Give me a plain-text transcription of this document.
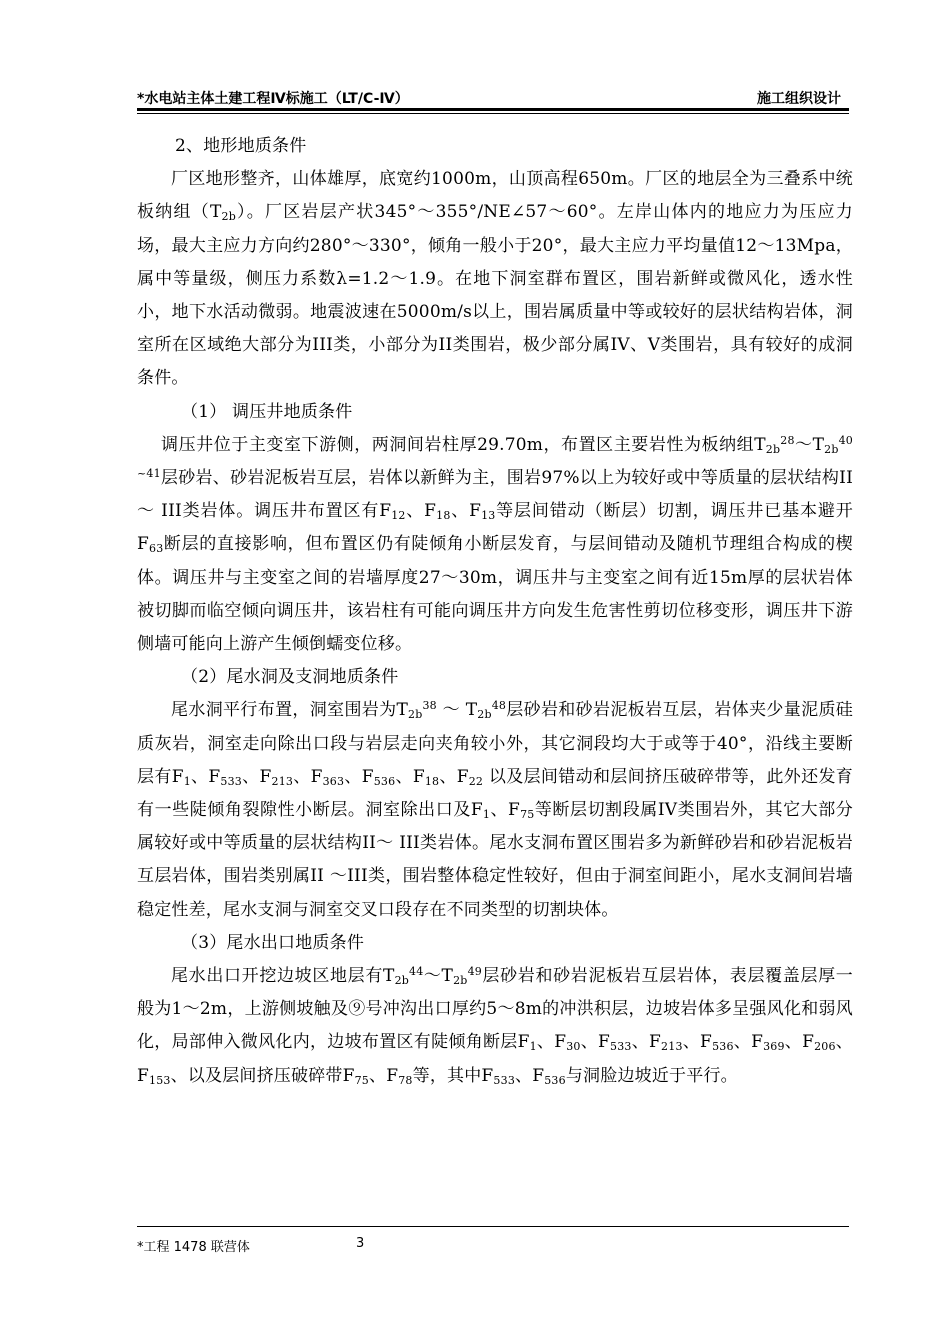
*水电站主体土建工程Ⅳ标施工（LT/C-Ⅳ）	施工组织设计

2、地形地质条件

厂区地形整齐，山体雄厚，底宽约1000m，山顶高程650m。厂区的地层全为三叠系中统板纳组$(T_{2b})$。厂区岩层产状345°～355°/NE∠57～60°。左岸山体内的地应力为压应力场，最大主应力方向约280°～330°，倾角一般小于20°，最大主应力平均量值12～13Mpa，属中等量级，侧压力系数λ=1.2～1.9。在地下洞室群布置区，围岩新鲜或微风化，透水性小，地下水活动微弱。地震波速在5000m/s以上，围岩属质量中等或较好的层状结构岩体，洞室所在区域绝大部分为III类，小部分为II类围岩，极少部分属IV、V类围岩，具有较好的成洞条件。

（1） 调压井地质条件

调压井位于主变室下游侧，两洞间岩柱厚29.70m，布置区主要岩性为板纳组$T_{2b}^{28}\sim T_{2b}^{40 \sim 41}$层砂岩、砂岩泥板岩互层，岩体以新鲜为主，围岩97%以上为较好或中等质量的层状结构II ～ III类岩体。调压井布置区有$F_{12}$、$F_{18}$、$F_{13}$等层间错动（断层）切割，调压井已基本避开$F_{63}$断层的直接影响，但布置区仍有陡倾角小断层发育，与层间错动及随机节理组合构成的楔体。调压井与主变室之间的岩墙厚度27～30m，调压井与主变室之间有近15m厚的层状岩体被切脚而临空倾向调压井，该岩柱有可能向调压井方向发生危害性剪切位移变形，调压井下游侧墙可能向上游产生倾倒蠕变位移。

（2）尾水洞及支洞地质条件

尾水洞平行布置，洞室围岩为$T_{2b}^{38}$ ～ $T_{2b}^{48}$层砂岩和砂岩泥板岩互层，岩体夹少量泥质硅质灰岩，洞室走向除出口段与岩层走向夹角较小外，其它洞段均大于或等于40°，沿线主要断层有$F_1$、$F_{533}$、$F_{213}$、$F_{363}$、$F_{536}$、$F_{18}$、$F_{22}$ 以及层间错动和层间挤压破碎带等，此外还发育有一些陡倾角裂隙性小断层。洞室除出口及$F_1$、$F_{75}$等断层切割段属IV类围岩外，其它大部分属较好或中等质量的层状结构II～ III类岩体。尾水支洞布置区围岩多为新鲜砂岩和砂岩泥板岩互层岩体，围岩类别属II ～III类，围岩整体稳定性较好，但由于洞室间距小，尾水支洞间岩墙稳定性差，尾水支洞与洞室交叉口段存在不同类型的切割块体。

（3）尾水出口地质条件

尾水出口开挖边坡区地层有$T_{2b}^{44}\sim T_{2b}^{49}$层砂岩和砂岩泥板岩互层岩体，表层覆盖层厚一般为1～2m，上游侧坡触及⑨号冲沟出口厚约5～8m的冲洪积层，边坡岩体多呈强风化和弱风化，局部伸入微风化内，边坡布置区有陡倾角断层$F_1$、$F_{30}$、$F_{533}$、$F_{213}$、$F_{536}$、$F_{369}$、$F_{206}$、$F_{153}$、以及层间挤压破碎带$F_{75}$、$F_{78}$等，其中$F_{533}$、$F_{536}$与洞脸边坡近于平行。

*工程 1478 联营体	3
